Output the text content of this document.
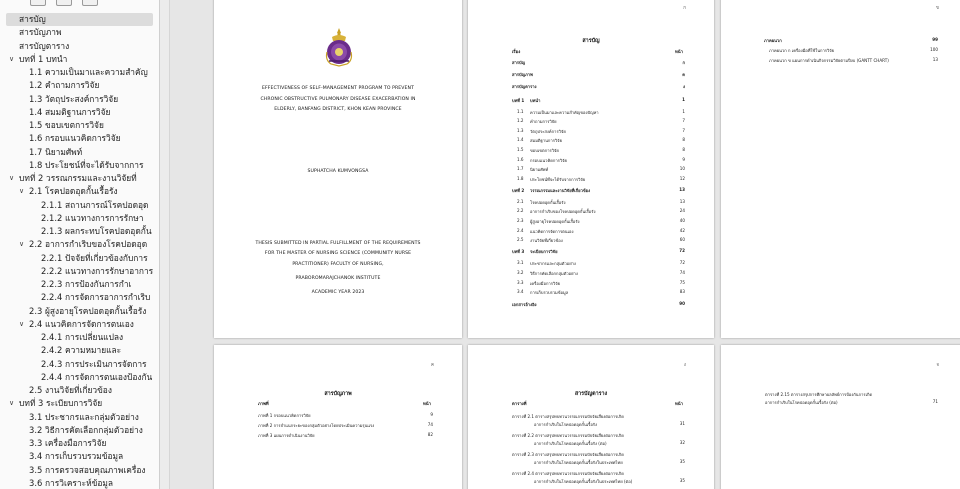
สารบัญ
สารบัญภาพ
สารบัญตาราง
∨ บทที่ 1 บทนำ
1.1 ความเป็นมาและความสำคัญ
1.2 คำถามการวิจัย
1.3 วัตถุประสงค์การวิจัย
1.4 สมมติฐานการวิจัย
1.5 ขอบเขตการวิจัย
1.6 กรอบแนวคิดการวิจัย
1.7 นิยามศัพท์
1.8 ประโยชน์ที่จะได้รับจากการ
∨ บทที่ 2 วรรณกรรมและงานวิจัยที่
∨ 2.1 โรคปอดอุดกั้นเรื้อรัง
2.1.1 สถานการณ์โรคปอดอุด
2.1.2 แนวทางการการรักษา
2.1.3 ผลกระทบโรคปอดอุดกั้น
∨ 2.2 อาการกำเริบของโรคปอดอุด
2.2.1 ปัจจัยที่เกี่ยวข้องกับการ
2.2.2 แนวทางการรักษาอาการ
2.2.3 การป้องกันการกำเ
2.2.4 การจัดการอาการกำเริบ
2.3 ผู้สูงอายุโรคปอดอุดกั้นเรื้อรัง
∨ 2.4 แนวคิดการจัดการตนเอง
2.4.1 การเปลี่ยนแปลง
2.4.2 ความหมายและ
2.4.3 การประเมินการจัดการ
2.4.4 การจัดการตนเองป้องกัน
2.5 งานวิจัยที่เกี่ยวข้อง
∨ บทที่ 3 ระเบียบการวิจัย
3.1 ประชากรและกลุ่มตัวอย่าง
3.2 วิธีการคัดเลือกกลุ่มตัวอย่าง
3.3 เครื่องมือการวิจัย
3.4 การเก็บรวบรวมข้อมูล
3.5 การตรวจสอบคุณภาพเครื่อง
3.6 การวิเคราะห์ข้อมูล
EFFECTIVENESS OF SELF-MANAGEMENT PROGRAM TO PREVENT
CHRONIC OBSTRUCTIVE PULMONARY DISEASE EXACERBATION IN
ELDERLY, BANFANG DISTRICT, KHON KEAN PROVINCE
SUPHATCHA KUMVONGSA
THESIS SUBMITTED IN PARTIAL FULFILLMENT OF THE REQUIREMENTS
FOR THE MASTER OF NURSING SCIENCE (COMMUNITY NURSE
PRACTITIONER) FACULTY OF NURSING,
PRABOROMARAJCHANOK INSTITUTE
ACADEMIC YEAR 2023
ก
สารบัญ
เรื่อง	หน้า
สารบัญ	ก
สารบัญภาพ	ค
สารบัญตาราง	ง
บทที่ 1 บทนำ	1
1.1 ความเป็นมาและความสำคัญของปัญหา	1
1.2 คำถามการวิจัย	7
1.3 วัตถุประสงค์การวิจัย	7
1.4 สมมติฐานการวิจัย	8
1.5 ขอบเขตการวิจัย	8
1.6 กรอบแนวคิดการวิจัย	9
1.7 นิยามศัพท์	10
1.8 ประโยชน์ที่จะได้รับจากการวิจัย	12
บทที่ 2 วรรณกรรมและงานวิจัยที่เกี่ยวข้อง	13
2.1 โรคปอดอุดกั้นเรื้อรัง	13
2.2 อาการกำเริบของโรคปอดอุดกั้นเรื้อรัง	24
2.3 ผู้สูงอายุโรคปอดอุดกั้นเรื้อรัง	40
2.4 แนวคิดการจัดการตนเอง	42
2.5 งานวิจัยที่เกี่ยวข้อง	60
บทที่ 3 ระเบียบการวิจัย	72
3.1 ประชากรและกลุ่มตัวอย่าง	72
3.2 วิธีการคัดเลือกกลุ่มตัวอย่าง	74
3.3 เครื่องมือการวิจัย	75
3.4 การเก็บรวบรวมข้อมูล	83
เอกสารอ้างอิง	90
ข
ภาคผนวก	99
ภาคผนวก ก เครื่องมือที่ใช้ในการวิจัย	100
ภาคผนวก ข แผนการดำเนินกิจกรรมวิจัยตามปีงบ (GANTT CHART)	13
ค
สารบัญภาพ
ภาพที่	หน้า
ภาพที่ 1 กรอบแนวคิดการวิจัย	9
ภาพที่ 2 การจำแนกระยะของกลุ่มตัวอย่างโดยประเมินความรุนแรง	74
ภาพที่ 3 แผนการดำเนินงานวิจัย	82
ง
สารบัญตาราง
ตารางที่	หน้า
ตารางที่ 2.1 ตารางสรุปทบทวนวรรณกรรมปัจจัยเสี่ยงต่อการเกิด
อาการกำเริบในโรคปอดอุดกั้นเรื้อรัง	31
ตารางที่ 2.2 ตารางสรุปทบทวนวรรณกรรมปัจจัยเสี่ยงต่อการเกิด
อาการกำเริบในโรคปอดอุดกั้นเรื้อรัง (ต่อ)	32
ตารางที่ 2.3 ตารางสรุปทบทวนวรรณกรรมปัจจัยเสี่ยงต่อการเกิด
อาการกำเริบในโรคปอดอุดกั้นเรื้อรังในประเทศไทย	35
ตารางที่ 2.4 ตารางสรุปทบทวนวรรณกรรมปัจจัยเสี่ยงต่อการเกิด
อาการกำเริบในโรคปอดอุดกั้นเรื้อรังในประเทศไทย (ต่อ)	35
จ
ตารางที่ 2.15 ตารางสรุปการศึกษาผลลัพธ์การป้องกันการเกิด
อาการกำเริบในโรคปอดอุดกั้นเรื้อรัง (ต่อ)	71
